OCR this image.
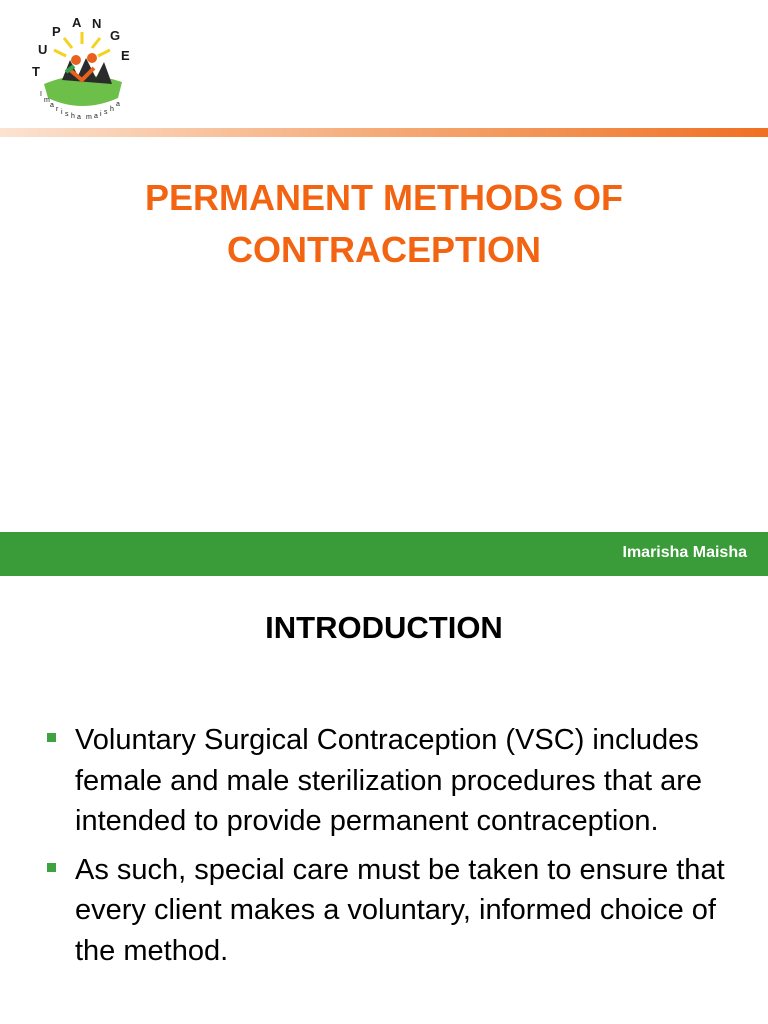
T
U
P
A N
G
E
I
m
a
r i s h a m a i s h
a
PERMANENT METHODS OF
CONTRACEPTION
Imarisha Maisha
INTRODUCTION
Voluntary Surgical Contraception (VSC) includes female and male sterilization procedures that are intended to provide permanent contraception.
As such, special care must be taken to ensure that every client makes a voluntary, informed choice of the method.
